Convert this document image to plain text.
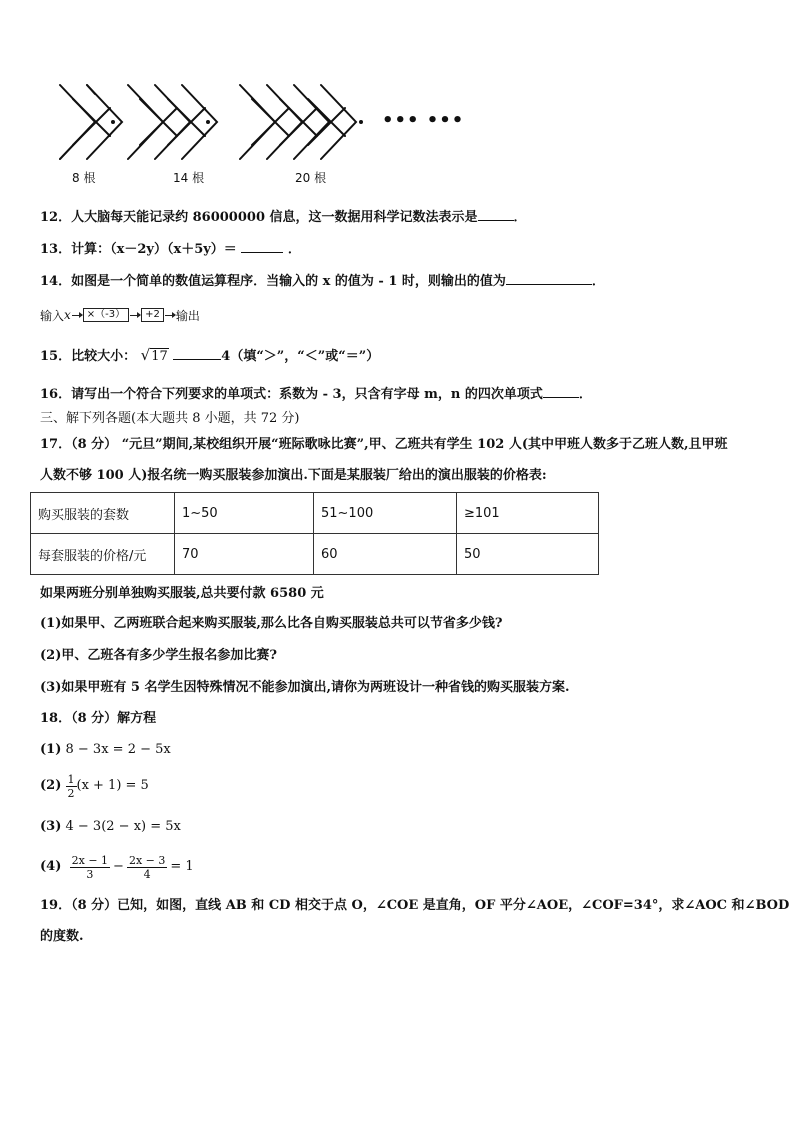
••• •••
8 根	14 根	20 根
12．人大脑每天能记录约 86000000 信息，这一数据用科学记数法表示是	．
13．计算：（x－2y）（x＋5y）＝	．
14．如图是一个简单的数值运算程序．当输入的 x 的值为 - 1 时，则输出的值为	．
输入 x	×（-3）	+2	输出
15．比较大小： √17	4（填“＞”，“＜”或“＝”）
16．请写出一个符合下列要求的单项式：系数为 - 3，只含有字母 m，n 的四次单项式	．
三、解下列各题(本大题共 8 小题，共 72 分)
17．（8 分） “元旦”期间,某校组织开展“班际歌咏比赛”,甲、乙班共有学生 102 人(其中甲班人数多于乙班人数,且甲班
人数不够 100 人)报名统一购买服装参加演出.下面是某服装厂给出的演出服装的价格表:
购买服装的套数	1~50	51~100	≥101
每套服装的价格/元	70	60	50
如果两班分别单独购买服装,总共要付款 6580 元
(1)如果甲、乙两班联合起来购买服装,那么比各自购买服装总共可以节省多少钱?
(2)甲、乙班各有多少学生报名参加比赛?
(3)如果甲班有 5 名学生因特殊情况不能参加演出,请你为两班设计一种省钱的购买服装方案.
18．（8 分）解方程
(1) 8 − 3x = 2 − 5x
(2)
$\frac{1}{2} (x + 1) = 5$
(3) 4 − 3(2 − x) = 5x
(4)
$\frac{2x - 1}{3} - \frac{2x - 3}{4} = 1$
19．（8 分）已知，如图，直线 AB 和 CD 相交于点 O，∠COE 是直角，OF 平分∠AOE，∠COF=34°，求∠AOC 和∠BOD
的度数.
